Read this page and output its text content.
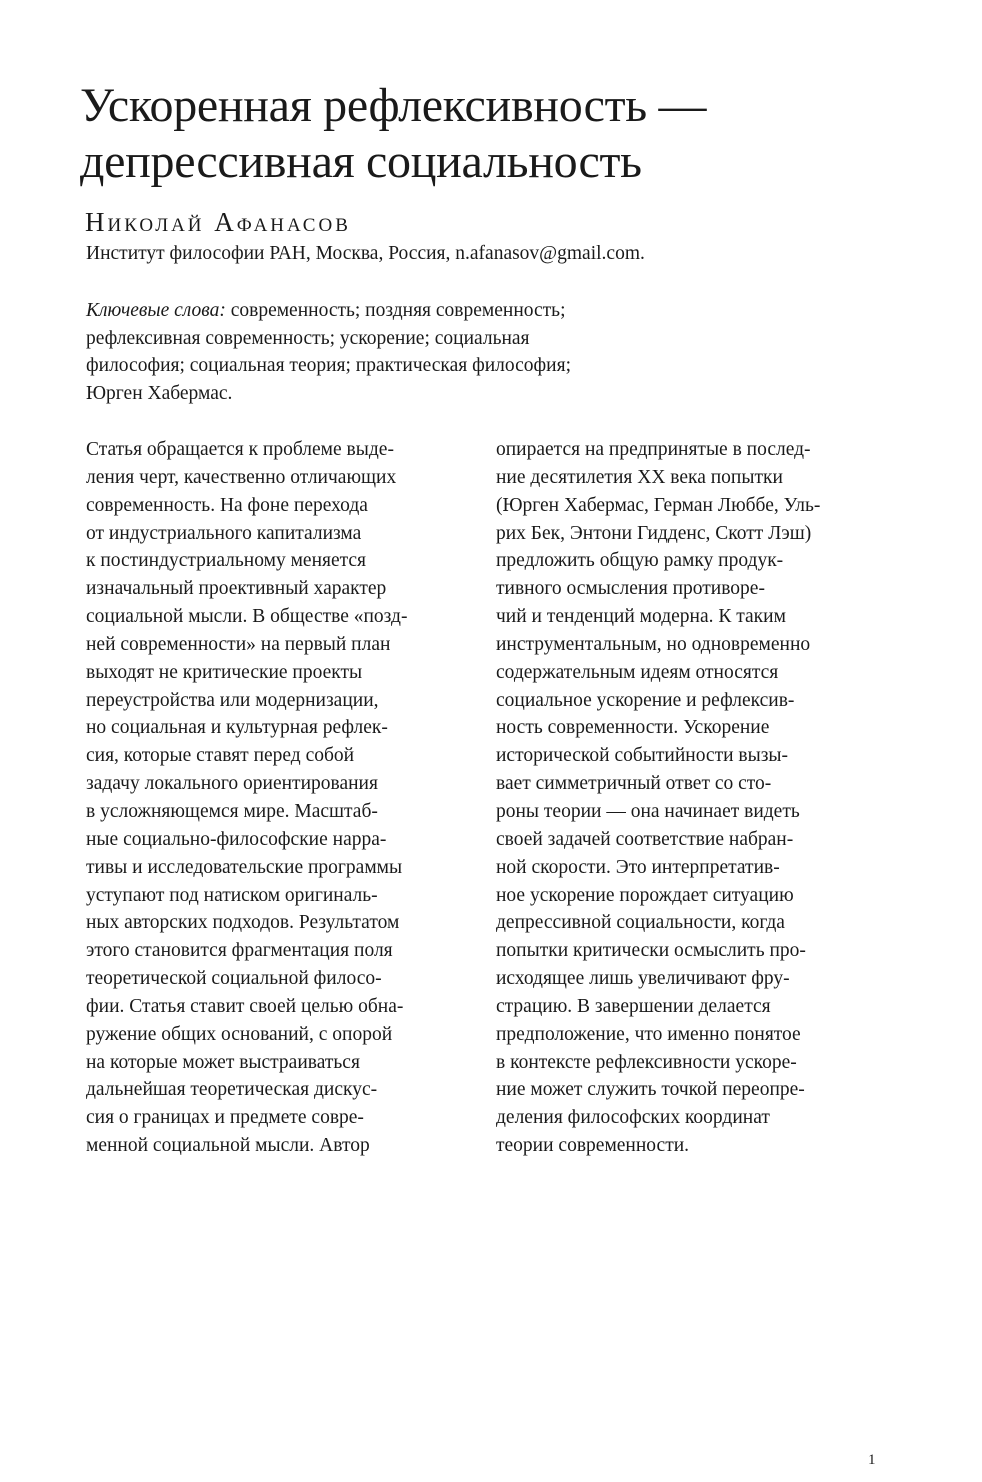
Ускоренная рефлексивность —
депрессивная социальность
Николай Афанасов
Институт философии РАН, Москва, Россия, n.afanasov@gmail.com.
Ключевые слова: современность; поздняя современность;
рефлексивная современность; ускорение; социальная
философия; социальная теория; практическая философия;
Юрген Хабермас.
Статья обращается к проблеме выде-
ления черт, качественно отличающих
современность. На фоне перехода
от индустриального капитализма
к постиндустриальному меняется
изначальный проективный характер
социальной мысли. В обществе «позд-
ней современности» на первый план
выходят не критические проекты
переустройства или модернизации,
но социальная и культурная рефлек-
сия, которые ставят перед собой
задачу локального ориентирования
в усложняющемся мире. Масштаб-
ные социально-философские нарра-
тивы и исследовательские программы
уступают под натиском оригиналь-
ных авторских подходов. Результатом
этого становится фрагментация поля
теоретической социальной филосо-
фии. Статья ставит своей целью обна-
ружение общих оснований, с опорой
на которые может выстраиваться
дальнейшая теоретическая дискус-
сия о границах и предмете совре-
менной социальной мысли. Автор
опирается на предпринятые в послед-
ние десятилетия XX века попытки
(Юрген Хабермас, Герман Люббе, Уль-
рих Бек, Энтони Гидденс, Скотт Лэш)
предложить общую рамку продук-
тивного осмысления противоре-
чий и тенденций модерна. К таким
инструментальным, но одновременно
содержательным идеям относятся
социальное ускорение и рефлексив-
ность современности. Ускорение
исторической событийности вызы-
вает симметричный ответ со сто-
роны теории — она начинает видеть
своей задачей соответствие набран-
ной скорости. Это интерпретатив-
ное ускорение порождает ситуацию
депрессивной социальности, когда
попытки критически осмыслить про-
исходящее лишь увеличивают фру-
страцию. В завершении делается
предположение, что именно понятое
в контексте рефлексивности ускоре-
ние может служить точкой переопре-
деления философских координат
теории современности.
1
